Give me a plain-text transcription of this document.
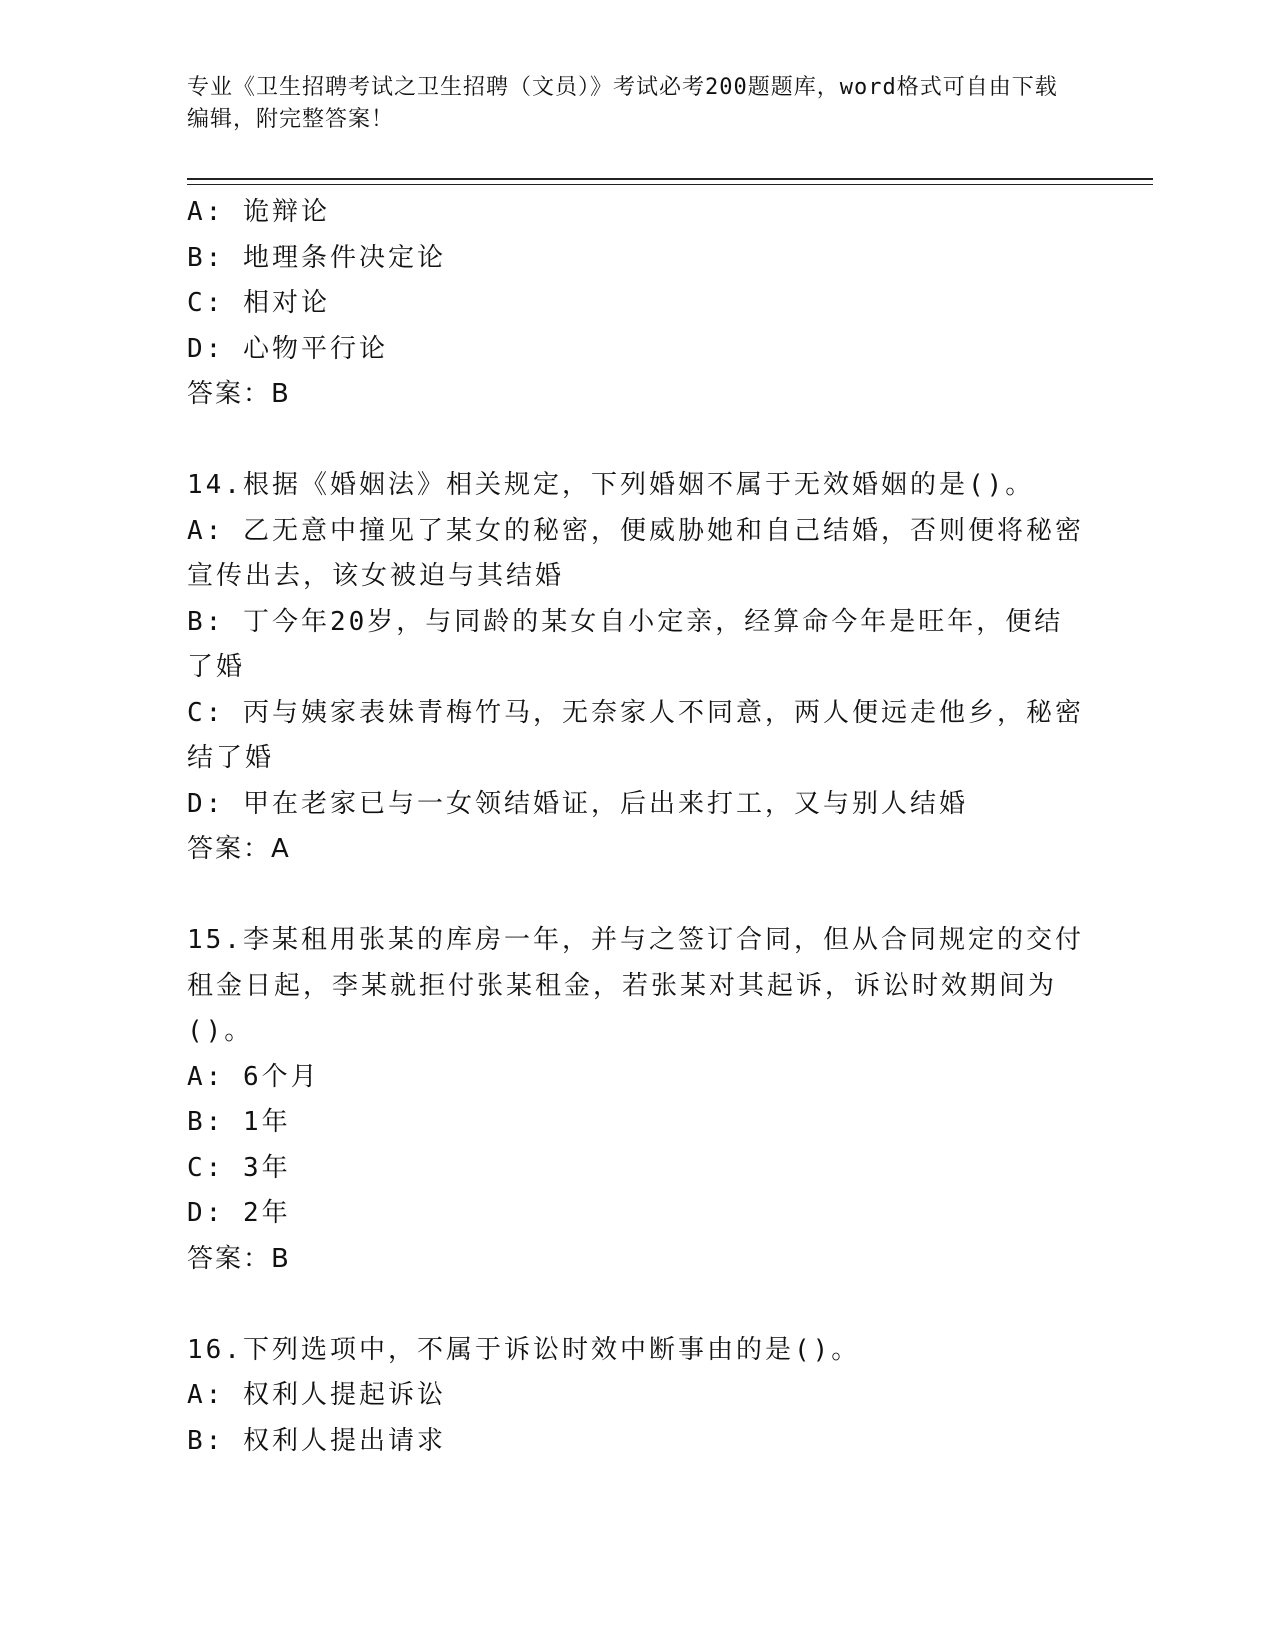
专业《卫生招聘考试之卫生招聘（文员）》考试必考200题题库，word格式可自由下载编辑，附完整答案！
A: 诡辩论
B: 地理条件决定论
C: 相对论
D: 心物平行论
答案：B
14.根据《婚姻法》相关规定，下列婚姻不属于无效婚姻的是()。
A: 乙无意中撞见了某女的秘密，便威胁她和自己结婚，否则便将秘密
宣传出去，该女被迫与其结婚
B: 丁今年20岁，与同龄的某女自小定亲，经算命今年是旺年，便结
了婚
C: 丙与姨家表妹青梅竹马，无奈家人不同意，两人便远走他乡，秘密
结了婚
D: 甲在老家已与一女领结婚证，后出来打工，又与别人结婚
答案：A
15.李某租用张某的库房一年，并与之签订合同，但从合同规定的交付
租金日起，李某就拒付张某租金，若张某对其起诉，诉讼时效期间为
()。
A: 6个月
B: 1年
C: 3年
D: 2年
答案：B
16.下列选项中，不属于诉讼时效中断事由的是()。
A: 权利人提起诉讼
B: 权利人提出请求
